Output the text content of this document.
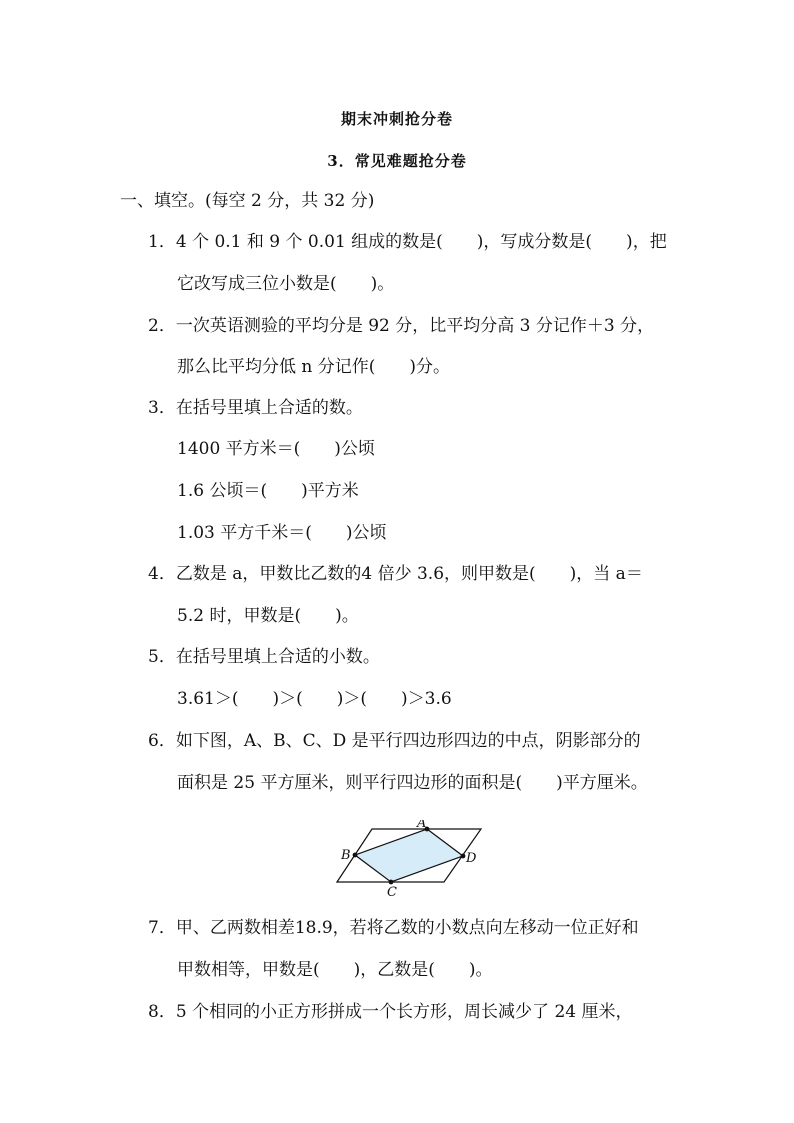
期末冲刺抢分卷
3．常见难题抢分卷
一、填空。(每空 2 分，共 32 分)
1．4 个 0.1 和 9 个 0.01 组成的数是(　　)，写成分数是(　　)，把
它改写成三位小数是(　　)。
2．一次英语测验的平均分是 92 分，比平均分高 3 分记作＋3 分，
那么比平均分低 n 分记作(　　)分。
3．在括号里填上合适的数。
1400 平方米＝(　　)公顷
1.6 公顷＝(　　)平方米
1.03 平方千米＝(　　)公顷
4．乙数是 a，甲数比乙数的4 倍少 3.6，则甲数是(　　)，当 a＝
5.2 时，甲数是(　　)。
5．在括号里填上合适的小数。
3.61＞(　　)＞(　　)＞(　　)＞3.6
6．如下图，A、B、C、D 是平行四边形四边的中点，阴影部分的
面积是 25 平方厘米，则平行四边形的面积是(　　)平方厘米。
A
B
C
D
7．甲、乙两数相差18.9，若将乙数的小数点向左移动一位正好和
甲数相等，甲数是(　　)，乙数是(　　)。
8．5 个相同的小正方形拼成一个长方形，周长减少了 24 厘米，
